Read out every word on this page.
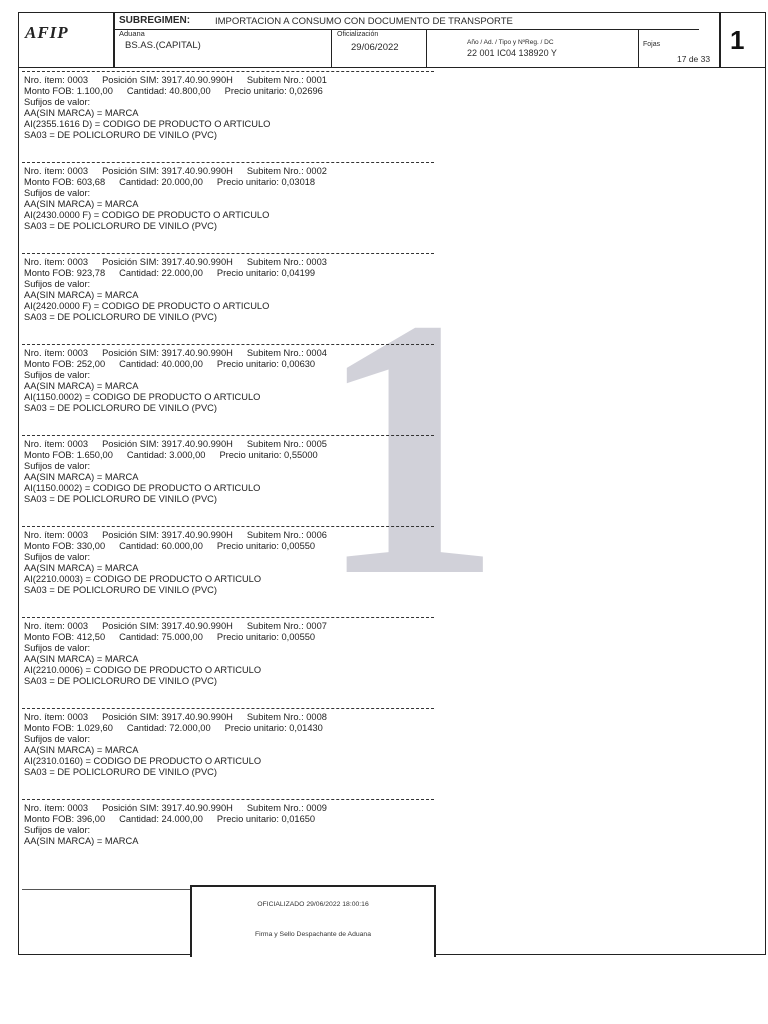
AFIP
SUBREGIMEN:	IMPORTACION A CONSUMO CON DOCUMENTO DE TRANSPORTE
Aduana
BS.AS.(CAPITAL)
Oficialización
29/06/2022	Año / Ad. / Tipo y NºReg. / DC
22 001 IC04 138920 Y
Fojas
17 de 33
1
1
Nro. ítem: 0003 Posición SIM: 3917.40.90.990H Subitem Nro.: 0001
Monto FOB: 1.100,00 Cantidad: 40.800,00 Precio unitario: 0,02696
Sufijos de valor:
AA(SIN MARCA) = MARCA
AI(2355.1616 D) = CODIGO DE PRODUCTO O ARTICULO
SA03 = DE POLICLORURO DE VINILO (PVC)
Nro. ítem: 0003 Posición SIM: 3917.40.90.990H Subitem Nro.: 0002
Monto FOB: 603,68 Cantidad: 20.000,00 Precio unitario: 0,03018
Sufijos de valor:
AA(SIN MARCA) = MARCA
AI(2430.0000 F) = CODIGO DE PRODUCTO O ARTICULO
SA03 = DE POLICLORURO DE VINILO (PVC)
Nro. ítem: 0003 Posición SIM: 3917.40.90.990H Subitem Nro.: 0003
Monto FOB: 923,78 Cantidad: 22.000,00 Precio unitario: 0,04199
Sufijos de valor:
AA(SIN MARCA) = MARCA
AI(2420.0000 F) = CODIGO DE PRODUCTO O ARTICULO
SA03 = DE POLICLORURO DE VINILO (PVC)
Nro. ítem: 0003 Posición SIM: 3917.40.90.990H Subitem Nro.: 0004
Monto FOB: 252,00 Cantidad: 40.000,00 Precio unitario: 0,00630
Sufijos de valor:
AA(SIN MARCA) = MARCA
AI(1150.0002) = CODIGO DE PRODUCTO O ARTICULO
SA03 = DE POLICLORURO DE VINILO (PVC)
Nro. ítem: 0003 Posición SIM: 3917.40.90.990H Subitem Nro.: 0005
Monto FOB: 1.650,00 Cantidad: 3.000,00 Precio unitario: 0,55000
Sufijos de valor:
AA(SIN MARCA) = MARCA
AI(1150.0002) = CODIGO DE PRODUCTO O ARTICULO
SA03 = DE POLICLORURO DE VINILO (PVC)
Nro. ítem: 0003 Posición SIM: 3917.40.90.990H Subitem Nro.: 0006
Monto FOB: 330,00 Cantidad: 60.000,00 Precio unitario: 0,00550
Sufijos de valor:
AA(SIN MARCA) = MARCA
AI(2210.0003) = CODIGO DE PRODUCTO O ARTICULO
SA03 = DE POLICLORURO DE VINILO (PVC)
Nro. ítem: 0003 Posición SIM: 3917.40.90.990H Subitem Nro.: 0007
Monto FOB: 412,50 Cantidad: 75.000,00 Precio unitario: 0,00550
Sufijos de valor:
AA(SIN MARCA) = MARCA
AI(2210.0006) = CODIGO DE PRODUCTO O ARTICULO
SA03 = DE POLICLORURO DE VINILO (PVC)
Nro. ítem: 0003 Posición SIM: 3917.40.90.990H Subitem Nro.: 0008
Monto FOB: 1.029,60 Cantidad: 72.000,00 Precio unitario: 0,01430
Sufijos de valor:
AA(SIN MARCA) = MARCA
AI(2310.0160) = CODIGO DE PRODUCTO O ARTICULO
SA03 = DE POLICLORURO DE VINILO (PVC)
Nro. ítem: 0003 Posición SIM: 3917.40.90.990H Subitem Nro.: 0009
Monto FOB: 396,00 Cantidad: 24.000,00 Precio unitario: 0,01650
Sufijos de valor:
AA(SIN MARCA) = MARCA
OFICIALIZADO 29/06/2022 18:00:16
Firma y Sello Despachante de Aduana
